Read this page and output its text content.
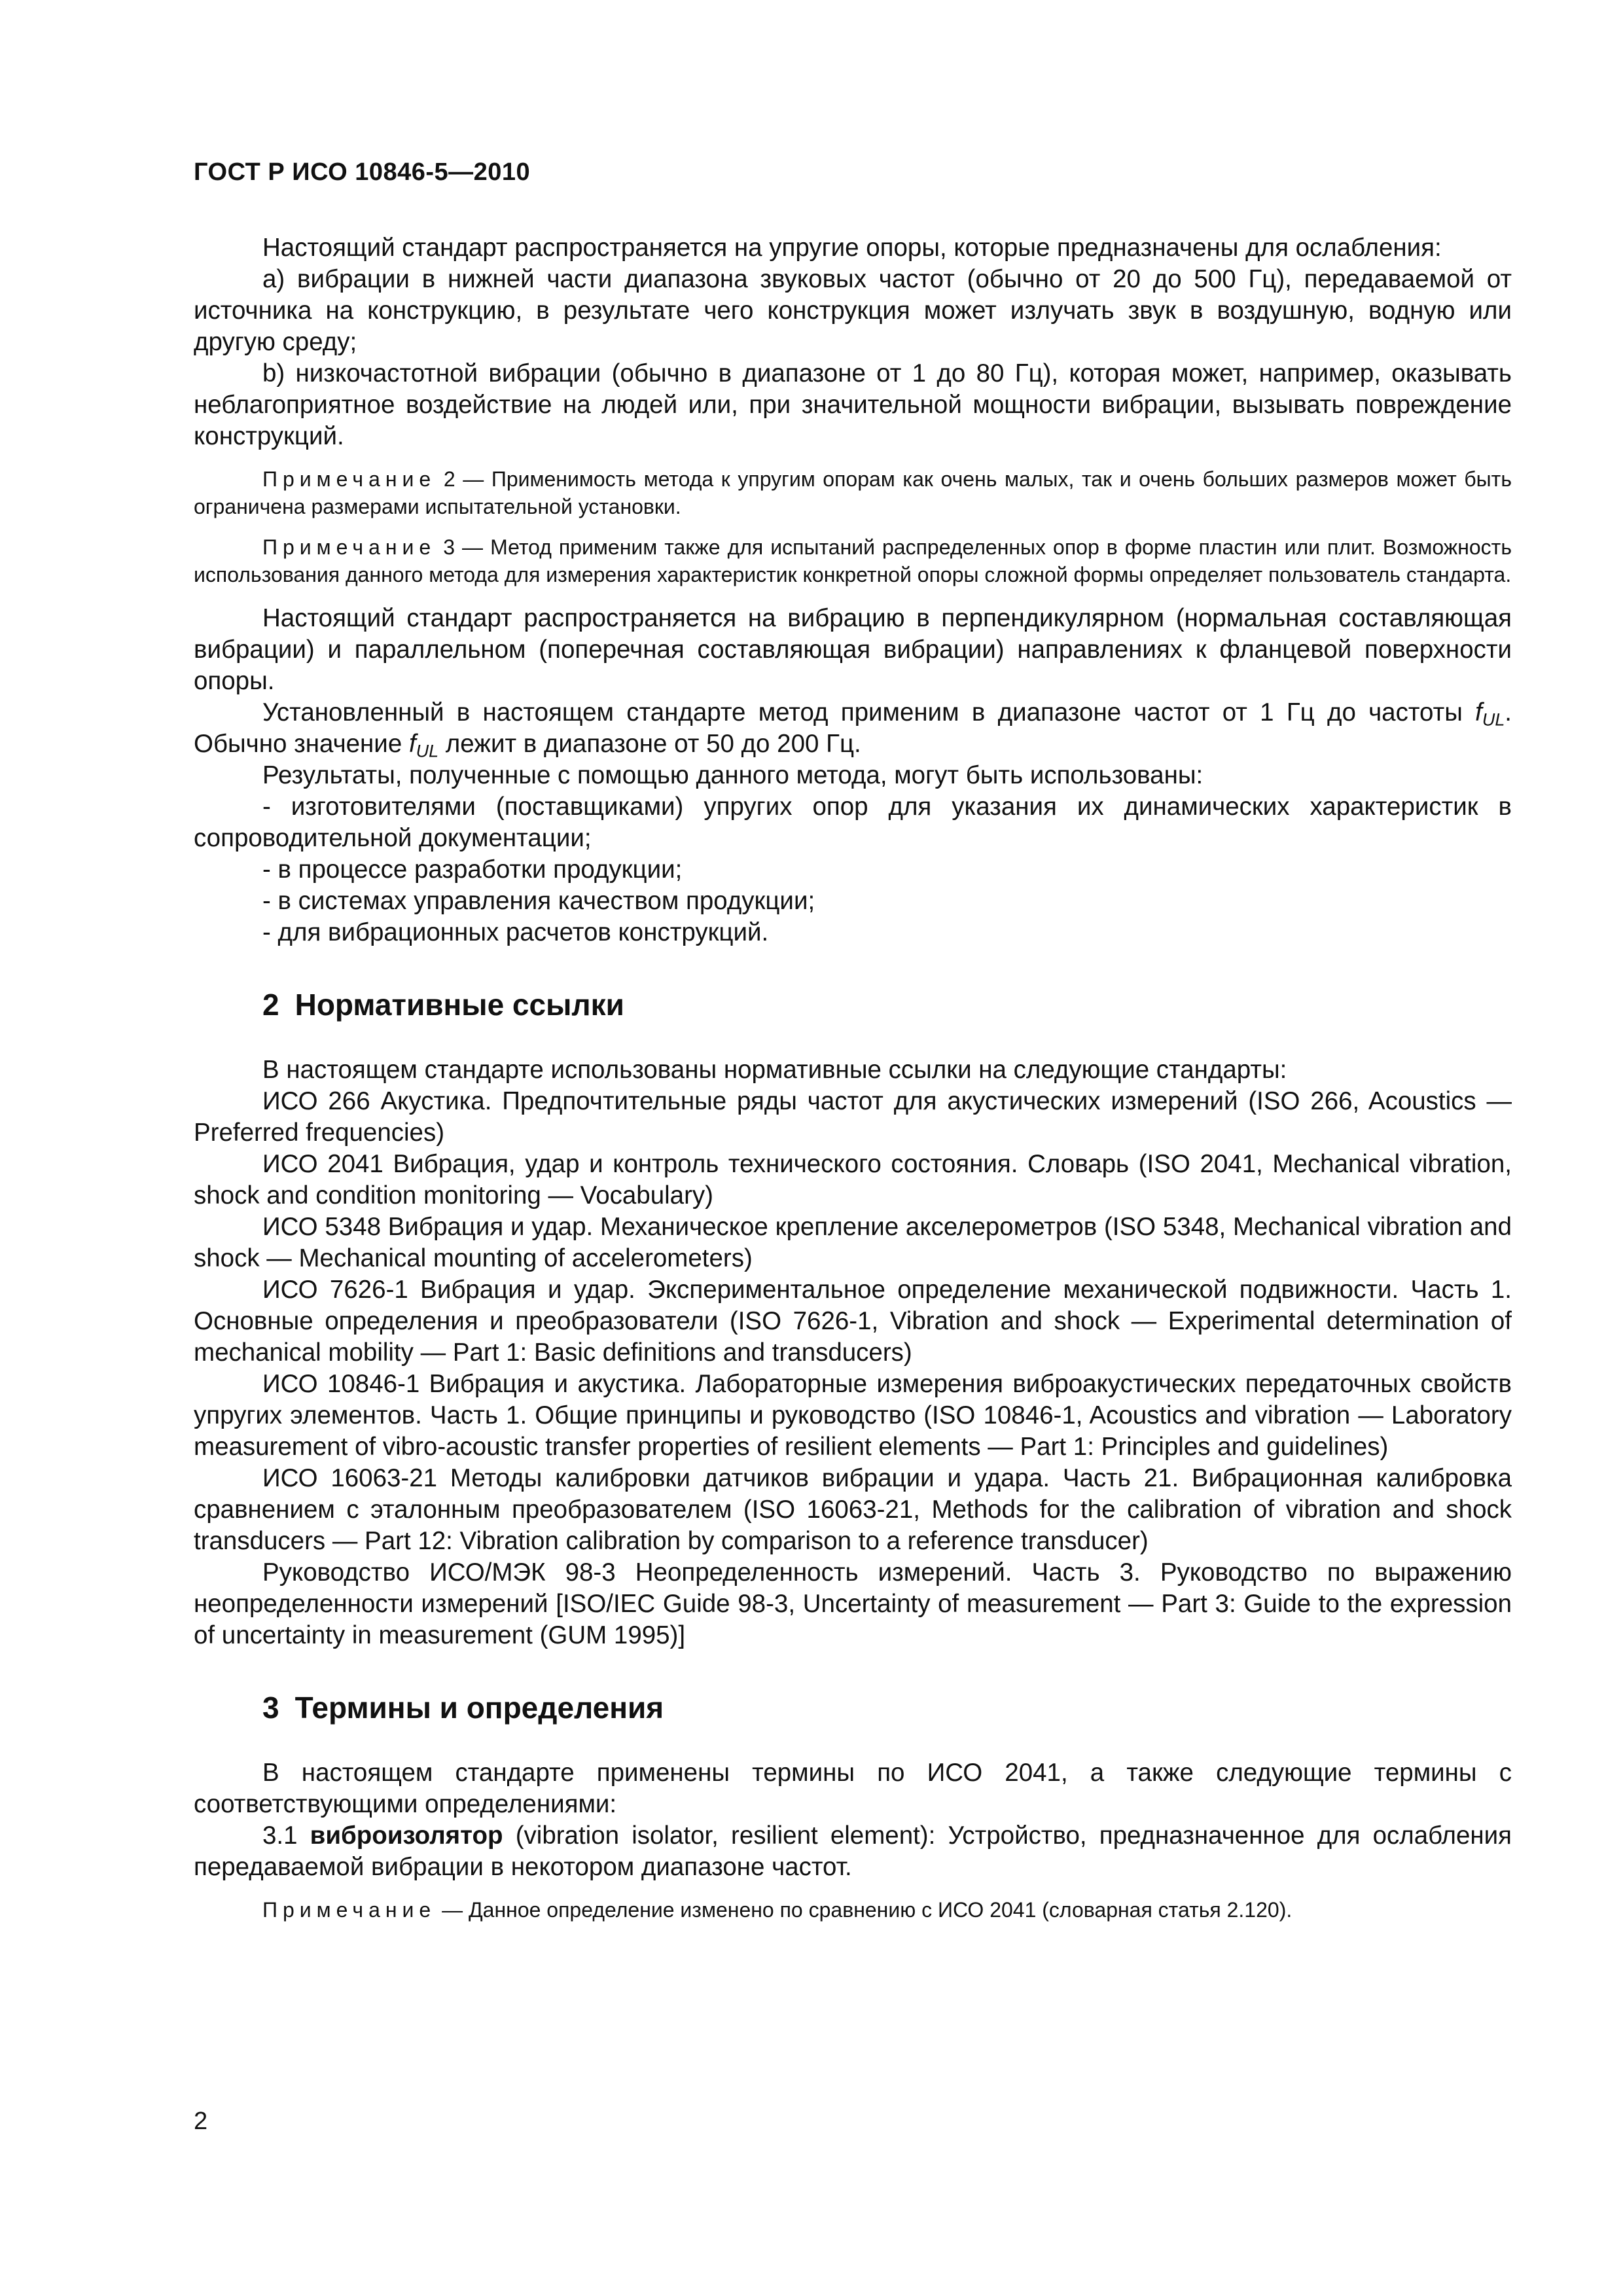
ГОСТ Р ИСО 10846-5—2010

Настоящий стандарт распространяется на упругие опоры, которые предназначены для ослабления:

a) вибрации в нижней части диапазона звуковых частот (обычно от 20 до 500 Гц), передаваемой от источника на конструкцию, в результате чего конструкция может излучать звук в воздушную, водную или другую среду;

b) низкочастотной вибрации (обычно в диапазоне от 1 до 80 Гц), которая может, например, оказывать неблагоприятное воздействие на людей или, при значительной мощности вибрации, вызывать повреждение конструкций.

Примечание 2 — Применимость метода к упругим опорам как очень малых, так и очень больших размеров может быть ограничена размерами испытательной установки.

Примечание 3 — Метод применим также для испытаний распределенных опор в форме пластин или плит. Возможность использования данного метода для измерения характеристик конкретной опоры сложной формы определяет пользователь стандарта.

Настоящий стандарт распространяется на вибрацию в перпендикулярном (нормальная составляющая вибрации) и параллельном (поперечная составляющая вибрации) направлениях к фланцевой поверхности опоры.

Установленный в настоящем стандарте метод применим в диапазоне частот от 1 Гц до частоты $f_{UL}$. Обычно значение $f_{UL}$ лежит в диапазоне от 50 до 200 Гц.

Результаты, полученные с помощью данного метода, могут быть использованы:

- изготовителями (поставщиками) упругих опор для указания их динамических характеристик в сопроводительной документации;

- в процессе разработки продукции;

- в системах управления качеством продукции;

- для вибрационных расчетов конструкций.

2 Нормативные ссылки

В настоящем стандарте использованы нормативные ссылки на следующие стандарты:

ИСО 266 Акустика. Предпочтительные ряды частот для акустических измерений (ISO 266, Acoustics — Preferred frequencies)

ИСО 2041 Вибрация, удар и контроль технического состояния. Словарь (ISO 2041, Mechanical vibration, shock and condition monitoring — Vocabulary)

ИСО 5348 Вибрация и удар. Механическое крепление акселерометров (ISO 5348, Mechanical vibration and shock — Mechanical mounting of accelerometers)

ИСО 7626-1 Вибрация и удар. Экспериментальное определение механической подвижности. Часть 1. Основные определения и преобразователи (ISO 7626-1, Vibration and shock — Experimental determination of mechanical mobility — Part 1: Basic definitions and transducers)

ИСО 10846-1 Вибрация и акустика. Лабораторные измерения виброакустических передаточных свойств упругих элементов. Часть 1. Общие принципы и руководство (ISO 10846-1, Acoustics and vibration — Laboratory measurement of vibro-acoustic transfer properties of resilient elements — Part 1: Principles and guidelines)

ИСО 16063-21 Методы калибровки датчиков вибрации и удара. Часть 21. Вибрационная калибровка сравнением с эталонным преобразователем (ISO 16063-21, Methods for the calibration of vibration and shock transducers — Part 12: Vibration calibration by comparison to a reference transducer)

Руководство ИСО/МЭК 98-3 Неопределенность измерений. Часть 3. Руководство по выражению неопределенности измерений [ISO/IEC Guide 98-3, Uncertainty of measurement — Part 3: Guide to the expression of uncertainty in measurement (GUM 1995)]

3 Термины и определения

В настоящем стандарте применены термины по ИСО 2041, а также следующие термины с соответствующими определениями:

3.1 виброизолятор (vibration isolator, resilient element): Устройство, предназначенное для ослабления передаваемой вибрации в некотором диапазоне частот.

Примечание — Данное определение изменено по сравнению с ИСО 2041 (словарная статья 2.120).

2
